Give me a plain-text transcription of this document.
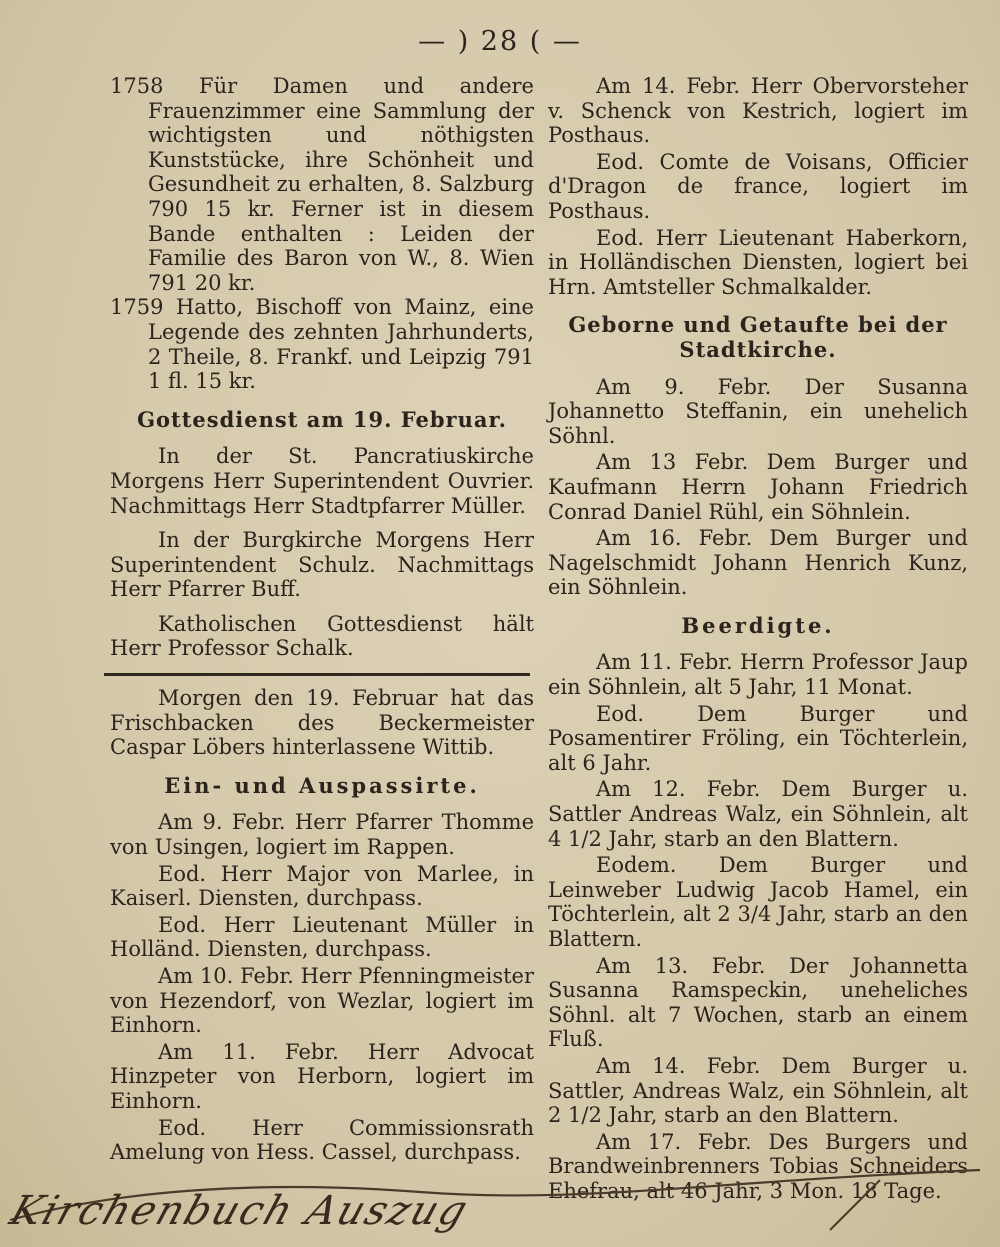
— ) 28 ( —

1758 Für Damen und andere Frauenzimmer eine Sammlung der wichtigsten und nöthigsten Kunststücke, ihre Schönheit und Gesundheit zu erhalten, 8. Salzburg 790 15 kr. Ferner ist in diesem Bande enthalten : Leiden der Familie des Baron von W., 8. Wien 791 20 kr.

1759 Hatto, Bischoff von Mainz, eine Legende des zehnten Jahrhunderts, 2 Theile, 8. Frankf. und Leipzig 791 1 fl. 15 kr.

Gottesdienst am 19. Februar.

In der St. Pancratiuskirche Morgens Herr Superintendent Ouvrier. Nachmittags Herr Stadtpfarrer Müller.

In der Burgkirche Morgens Herr Superintendent Schulz. Nachmittags Herr Pfarrer Buff.

Katholischen Gottesdienst hält Herr Professor Schalk.

Morgen den 19. Februar hat das Frischbacken des Beckermeister Caspar Löbers hinterlassene Wittib.

Ein- und Auspassirte.

Am 9. Febr. Herr Pfarrer Thomme von Usingen, logiert im Rappen.

Eod. Herr Major von Marlee, in Kaiserl. Diensten, durchpass.

Eod. Herr Lieutenant Müller in Holländ. Diensten, durchpass.

Am 10. Febr. Herr Pfenningmeister von Hezendorf, von Wezlar, logiert im Einhorn.

Am 11. Febr. Herr Advocat Hinzpeter von Herborn, logiert im Einhorn.

Eod. Herr Commissionsrath Amelung von Hess. Cassel, durchpass.

Am 14. Febr. Herr Obervorsteher v. Schenck von Kestrich, logiert im Posthaus.

Eod. Comte de Voisans, Officier d'Dragon de france, logiert im Posthaus.

Eod. Herr Lieutenant Haberkorn, in Holländischen Diensten, logiert bei Hrn. Amtsteller Schmalkalder.

Geborne und Getaufte bei der Stadtkirche.

Am 9. Febr. Der Susanna Johannetto Steffanin, ein unehelich Söhnl.

Am 13 Febr. Dem Burger und Kaufmann Herrn Johann Friedrich Conrad Daniel Rühl, ein Söhnlein.

Am 16. Febr. Dem Burger und Nagelschmidt Johann Henrich Kunz, ein Söhnlein.

Beerdigte.

Am 11. Febr. Herrn Professor Jaup ein Söhnlein, alt 5 Jahr, 11 Monat.

Eod. Dem Burger und Posamentirer Fröling, ein Töchterlein, alt 6 Jahr.

Am 12. Febr. Dem Burger u. Sattler Andreas Walz, ein Söhnlein, alt 4 1/2 Jahr, starb an den Blattern.

Eodem. Dem Burger und Leinweber Ludwig Jacob Hamel, ein Töchterlein, alt 2 3/4 Jahr, starb an den Blattern.

Am 13. Febr. Der Johannetta Susanna Ramspeckin, uneheliches Söhnl. alt 7 Wochen, starb an einem Fluß.

Am 14. Febr. Dem Burger u. Sattler, Andreas Walz, ein Söhnlein, alt 2 1/2 Jahr, starb an den Blattern.

Am 17. Febr. Des Burgers und Brandweinbrenners Tobias Schneiders Ehefrau, alt 46 Jahr, 3 Mon. 18 Tage.

Kirchenbuch Auszug
